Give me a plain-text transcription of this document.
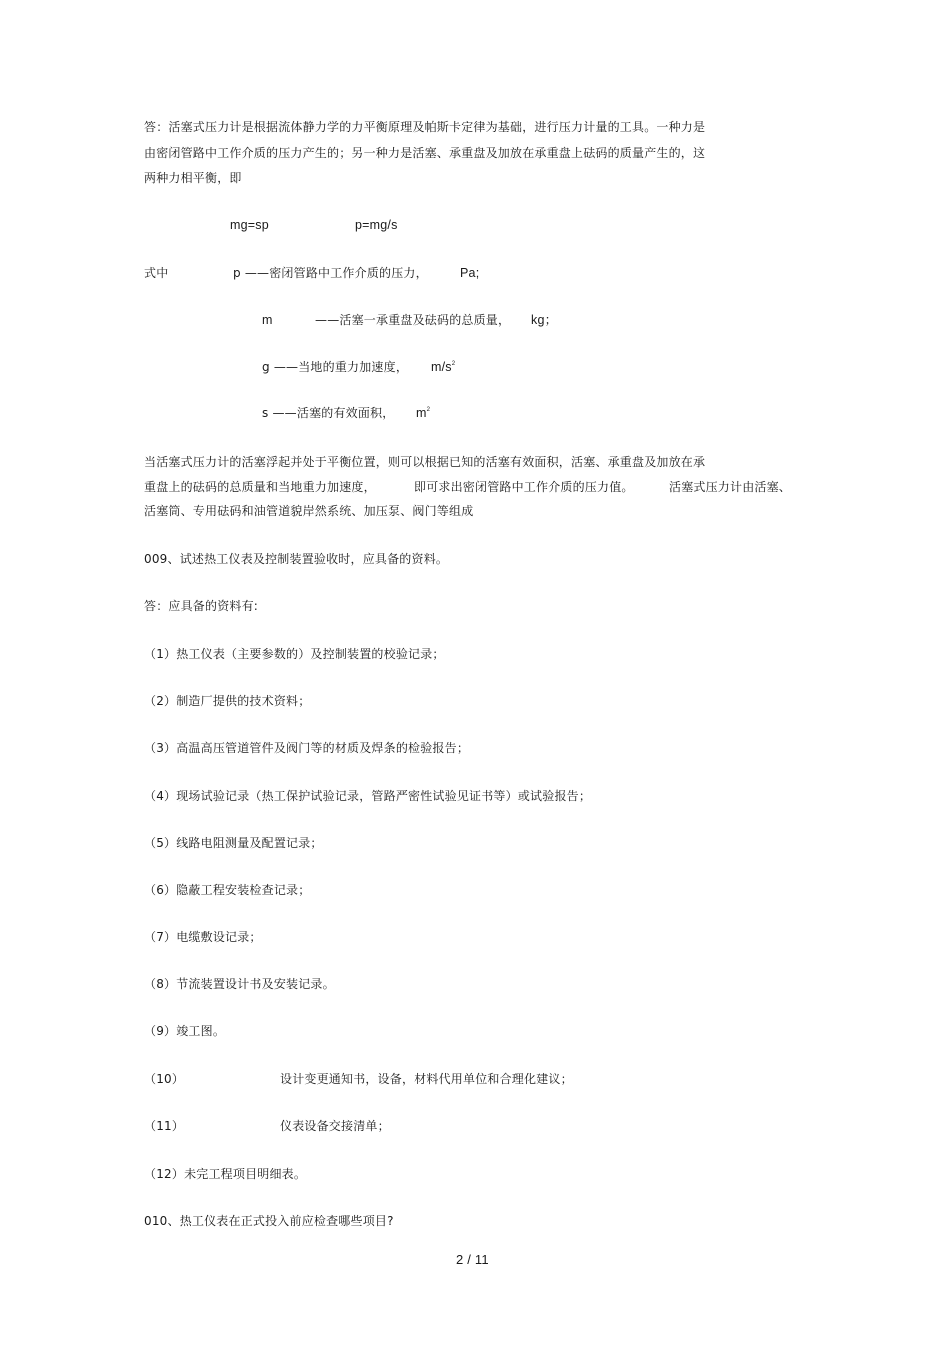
答：活塞式压力计是根据流体静力学的力平衡原理及帕斯卡定律为基础，进行压力计量的工具。一种力是
由密闭管路中工作介质的压力产生的；另一种力是活塞、承重盘及加放在承重盘上砝码的质量产生的，这
两种力相平衡，即
mg=sp	p=mg/s
式中	p ——密闭管路中工作介质的压力，	Pa;
m	——活塞一承重盘及砝码的总质量， kg；
g ——当地的重力加速度， $m/s^2$
s ——活塞的有效面积， $m^2$
当活塞式压力计的活塞浮起并处于平衡位置，则可以根据已知的活塞有效面积，活塞、承重盘及加放在承
重盘上的砝码的总质量和当地重力加速度，	即可求出密闭管路中工作介质的压力值。	活塞式压力计由活塞、
活塞筒、专用砝码和油管道貌岸然系统、加压泵、阀门等组成
009、试述热工仪表及控制装置验收时，应具备的资料。
答：应具备的资料有:
（1）热工仪表（主要参数的）及控制装置的校验记录；
（2）制造厂提供的技术资料；
（3）高温高压管道管件及阀门等的材质及焊条的检验报告；
（4）现场试验记录（热工保护试验记录，管路严密性试验见证书等）或试验报告；
（5）线路电阻测量及配置记录；
（6）隐蔽工程安装检查记录；
（7）电缆敷设记录；
（8）节流装置设计书及安装记录。
（9）竣工图。
（10）	设计变更通知书，设备，材料代用单位和合理化建议；
（11）	仪表设备交接清单；
（12）未完工程项目明细表。
010、热工仪表在正式投入前应检查哪些项目?
2 / 11
